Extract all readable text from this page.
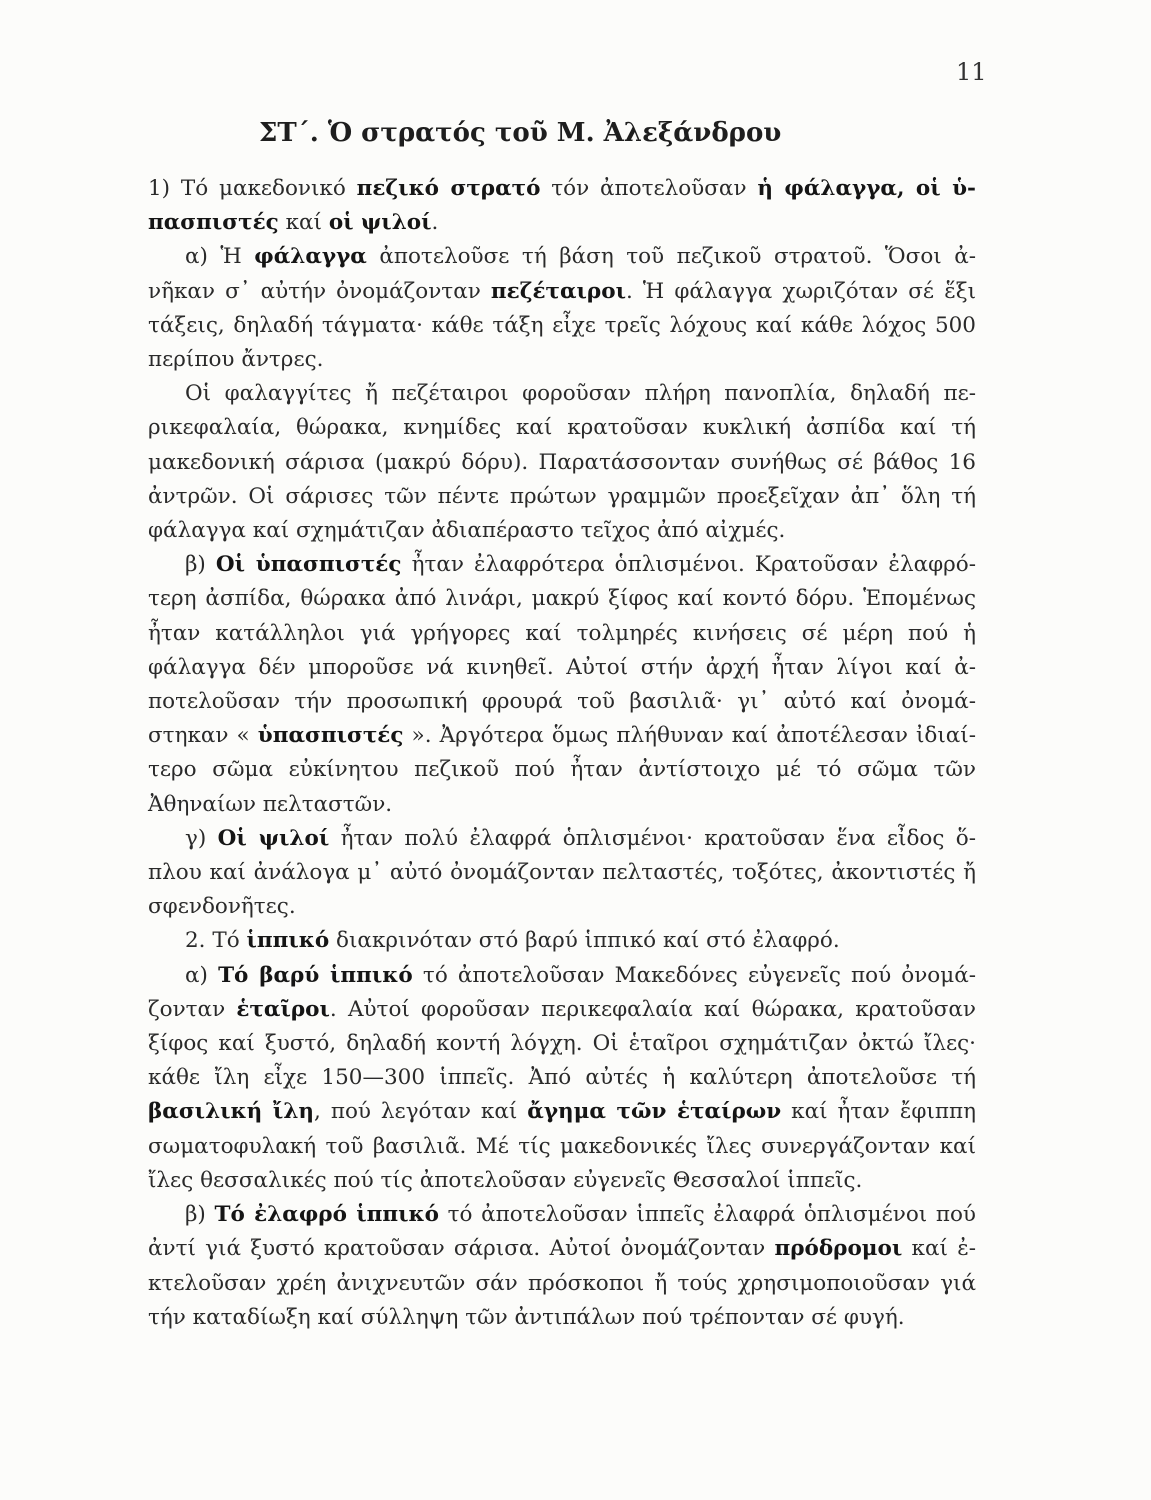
11
ΣΤ΄. Ὁ στρατός τοῦ Μ. Ἀλεξάνδρου

1) Τό μακεδονικό πεζικό στρατό τόν ἀποτελοῦσαν ἡ φάλαγγα, οἱ ὑπασπιστές καί οἱ ψιλοί.

α) Ἡ φάλαγγα ἀποτελοῦσε τή βάση τοῦ πεζικοῦ στρατοῦ. Ὅσοι ἀνῆκαν σ᾽ αὐτήν ὀνομάζονταν πεζέταιροι. Ἡ φάλαγγα χωριζόταν σέ ἕξι τάξεις, δηλαδή τάγματα· κάθε τάξη εἶχε τρεῖς λόχους καί κάθε λόχος 500 περίπου ἄντρες.

Οἱ φαλαγγίτες ἤ πεζέταιροι φοροῦσαν πλήρη πανοπλία, δηλαδή περικεφαλαία, θώρακα, κνημίδες καί κρατοῦσαν κυκλική ἀσπίδα καί τή μακεδονική σάρισα (μακρύ δόρυ). Παρατάσσονταν συνήθως σέ βάθος 16 ἀντρῶν. Οἱ σάρισες τῶν πέντε πρώτων γραμμῶν προεξεῖχαν ἀπ᾽ ὅλη τή φάλαγγα καί σχημάτιζαν ἀδιαπέραστο τεῖχος ἀπό αἰχμές.

β) Οἱ ὑπασπιστές ἦταν ἐλαφρότερα ὁπλισμένοι. Κρατοῦσαν ἐλαφρότερη ἀσπίδα, θώρακα ἀπό λινάρι, μακρύ ξίφος καί κοντό δόρυ. Ἑπομένως ἦταν κατάλληλοι γιά γρήγορες καί τολμηρές κινήσεις σέ μέρη πού ἡ φάλαγγα δέν μποροῦσε νά κινηθεῖ. Αὐτοί στήν ἀρχή ἦταν λίγοι καί ἀποτελοῦσαν τήν προσωπική φρουρά τοῦ βασιλιᾶ· γι᾽ αὐτό καί ὀνομάστηκαν « ὑπασπιστές ». Ἀργότερα ὅμως πλήθυναν καί ἀποτέλεσαν ἰδιαίτερο σῶμα εὐκίνητου πεζικοῦ πού ἦταν ἀντίστοιχο μέ τό σῶμα τῶν Ἀθηναίων πελταστῶν.

γ) Οἱ ψιλοί ἦταν πολύ ἐλαφρά ὁπλισμένοι· κρατοῦσαν ἕνα εἶδος ὅπλου καί ἀνάλογα μ᾽ αὐτό ὀνομάζονταν πελταστές, τοξότες, ἀκοντιστές ἤ σφενδονῆτες.

2. Τό ἱππικό διακρινόταν στό βαρύ ἱππικό καί στό ἐλαφρό.

α) Τό βαρύ ἱππικό τό ἀποτελοῦσαν Μακεδόνες εὐγενεῖς πού ὀνομάζονταν ἑταῖροι. Αὐτοί φοροῦσαν περικεφαλαία καί θώρακα, κρατοῦσαν ξίφος καί ξυστό, δηλαδή κοντή λόγχη. Οἱ ἑταῖροι σχημάτιζαν ὀκτώ ἴλες· κάθε ἴλη εἶχε 150—300 ἱππεῖς. Ἀπό αὐτές ἡ καλύτερη ἀποτελοῦσε τή βασιλική ἴλη, πού λεγόταν καί ἄγημα τῶν ἑταίρων καί ἦταν ἔφιππη σωματοφυλακή τοῦ βασιλιᾶ. Μέ τίς μακεδονικές ἴλες συνεργάζονταν καί ἴλες θεσσαλικές πού τίς ἀποτελοῦσαν εὐγενεῖς Θεσσαλοί ἱππεῖς.

β) Τό ἐλαφρό ἱππικό τό ἀποτελοῦσαν ἱππεῖς ἐλαφρά ὁπλισμένοι πού ἀντί γιά ξυστό κρατοῦσαν σάρισα. Αὐτοί ὀνομάζονταν πρόδρομοι καί ἐκτελοῦσαν χρέη ἀνιχνευτῶν σάν πρόσκοποι ἤ τούς χρησιμοποιοῦσαν γιά τήν καταδίωξη καί σύλληψη τῶν ἀντιπάλων πού τρέπονταν σέ φυγή.
